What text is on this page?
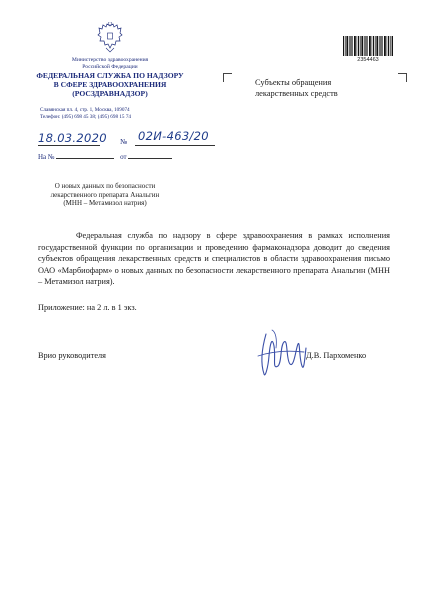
Министерство здравоохранения
Российской Федерации
ФЕДЕРАЛЬНАЯ СЛУЖБА ПО НАДЗОРУ
В СФЕРЕ ЗДРАВООХРАНЕНИЯ
(РОСЗДРАВНАДЗОР)
Славянская пл. 4, стр. 1, Москва, 109074
Телефон: (495) 698 45 38; (495) 698 15 74
2354463
Субъекты обращения
лекарственных средств
18.03.2020 № 02И-463/20
На №	от
О новых данных по безопасности
лекарственного препарата Анальгин
(МНН – Метамизол натрия)

Федеральная служба по надзору в сфере здравоохранения в рамках исполнения государственной функции по организации и проведению фармаконадзора доводит до сведения субъектов обращения лекарственных средств и специалистов в области здравоохранения письмо ОАО «Марбиофарм» о новых данных по безопасности лекарственного препарата Анальгин (МНН – Метамизол натрия).

Приложение: на 2 л. в 1 экз.
Врио руководителя	Д.В. Пархоменко
